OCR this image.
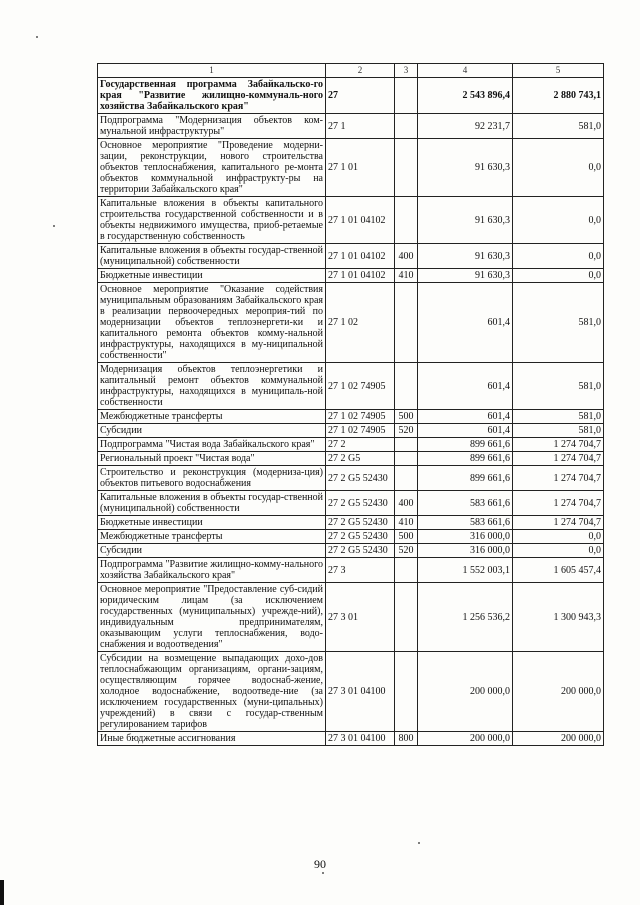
1	2	3	4	5
Государственная программа Забайкальско-го края "Развитие жилищно-коммуналь-ного хозяйства Забайкальского края"	27		2 543 896,4	2 880 743,1
Подпрограмма "Модернизация объектов ком-мунальной инфраструктуры"	27 1		92 231,7	581,0
Основное мероприятие "Проведение модерни-зации, реконструкции, нового строительства объектов теплоснабжения, капитального ре-монта объектов коммунальной инфраструкту-ры на территории Забайкальского края"	27 1 01		91 630,3	0,0
Капитальные вложения в объекты капитального строительства государственной собственности и в объекты недвижимого имущества, приоб-ретаемые в государственную собственность	27 1 01 04102		91 630,3	0,0
Капитальные вложения в объекты государ-ственной (муниципальной) собственности	27 1 01 04102	400	91 630,3	0,0
Бюджетные инвестиции	27 1 01 04102	410	91 630,3	0,0
Основное мероприятие "Оказание содействия муниципальным образованиям Забайкальского края в реализации первоочередных мероприя-тий по модернизации объектов теплоэнергети-ки и капитального ремонта объектов комму-нальной инфраструктуры, находящихся в му-ниципальной собственности"	27 1 02		601,4	581,0
Модернизация объектов теплоэнергетики и капитальный ремонт объектов коммунальной инфраструктуры, находящихся в муниципаль-ной собственности	27 1 02 74905		601,4	581,0
Межбюджетные трансферты	27 1 02 74905	500	601,4	581,0
Субсидии	27 1 02 74905	520	601,4	581,0
Подпрограмма "Чистая вода Забайкальского края"	27 2		899 661,6	1 274 704,7
Региональный проект "Чистая вода"	27 2 G5		899 661,6	1 274 704,7
Строительство и реконструкция (модерниза-ция) объектов питьевого водоснабжения	27 2 G5 52430		899 661,6	1 274 704,7
Капитальные вложения в объекты государ-ственной (муниципальной) собственности	27 2 G5 52430	400	583 661,6	1 274 704,7
Бюджетные инвестиции	27 2 G5 52430	410	583 661,6	1 274 704,7
Межбюджетные трансферты	27 2 G5 52430	500	316 000,0	0,0
Субсидии	27 2 G5 52430	520	316 000,0	0,0
Подпрограмма "Развитие жилищно-комму-нального хозяйства Забайкальского края"	27 3		1 552 003,1	1 605 457,4
Основное мероприятие "Предоставление суб-сидий юридическим лицам (за исключением государственных (муниципальных) учрежде-ний), индивидуальным предпринимателям, оказывающим услуги теплоснабжения, водо-снабжения и водоотведения"	27 3 01		1 256 536,2	1 300 943,3
Субсидии на возмещение выпадающих дохо-дов теплоснабжающим организациям, органи-зациям, осуществляющим горячее водоснаб-жение, холодное водоснабжение, водоотведе-ние (за исключением государственных (муни-ципальных) учреждений) в связи с государ-ственным регулированием тарифов	27 3 01 04100		200 000,0	200 000,0
Иные бюджетные ассигнования	27 3 01 04100	800	200 000,0	200 000,0
90
